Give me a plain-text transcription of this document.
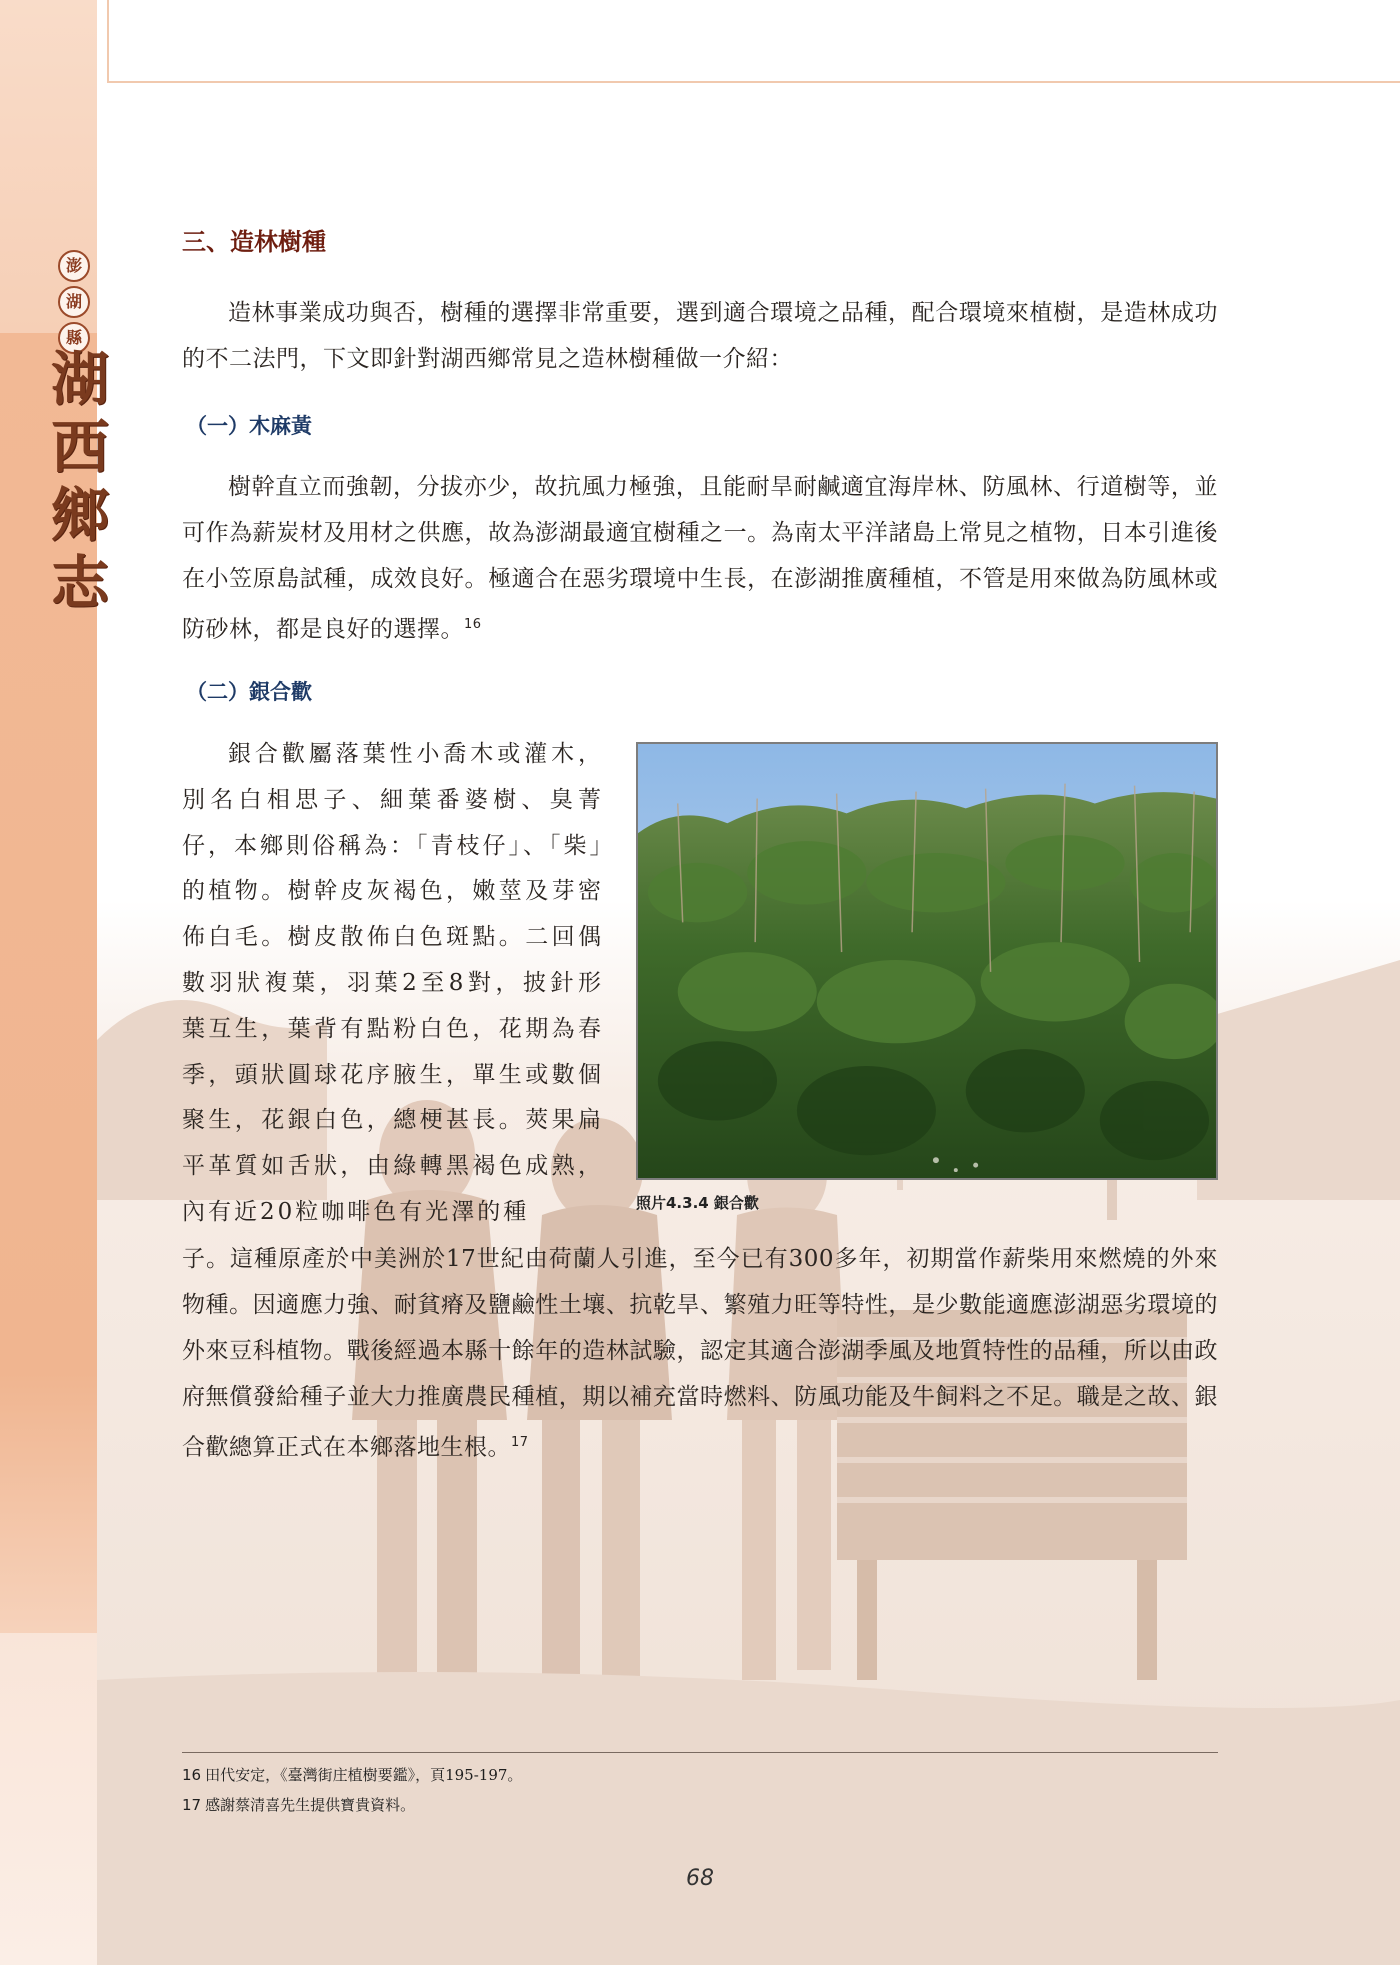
澎
湖
縣
湖
西
鄉
志
三、造林樹種

造林事業成功與否，樹種的選擇非常重要，選到適合環境之品種，配合環境來植樹，是造林成功的不二法門，下文即針對湖西鄉常見之造林樹種做一介紹：

（一）木麻黃

樹幹直立而強韌，分拔亦少，故抗風力極強，且能耐旱耐鹹適宜海岸林、防風林、行道樹等，並可作為薪炭材及用材之供應，故為澎湖最適宜樹種之一。為南太平洋諸島上常見之植物，日本引進後在小笠原島試種，成效良好。極適合在惡劣環境中生長，在澎湖推廣種植，不管是用來做為防風林或防砂林，都是良好的選擇。$^{16}$

（二）銀合歡

銀合歡屬落葉性小喬木或灌木，別名白相思子、細葉番婆樹、臭菁仔，本鄉則俗稱為：「青枝仔」、「柴」的植物。樹幹皮灰褐色，嫩莖及芽密佈白毛。樹皮散佈白色斑點。二回偶數羽狀複葉，羽葉2至8對，披針形葉互生，葉背有點粉白色，花期為春季，頭狀圓球花序腋生，單生或數個聚生，花銀白色，總梗甚長。莢果扁平革質如舌狀，由綠轉黑褐色成熟，內有近20粒咖啡色有光澤的種	照片4.3.4 銀合歡

子。這種原產於中美洲於17世紀由荷蘭人引進，至今已有300多年，初期當作薪柴用來燃燒的外來物種。因適應力強、耐貧瘠及鹽鹼性土壤、抗乾旱、繁殖力旺等特性，是少數能適應澎湖惡劣環境的外來豆科植物。戰後經過本縣十餘年的造林試驗，認定其適合澎湖季風及地質特性的品種，所以由政府無償發給種子並大力推廣農民種植，期以補充當時燃料、防風功能及牛飼料之不足。職是之故、銀合歡總算正式在本鄉落地生根。$^{17}$

16 田代安定，《臺灣街庄植樹要鑑》，頁195-197。

17 感謝蔡清喜先生提供寶貴資料。

68
